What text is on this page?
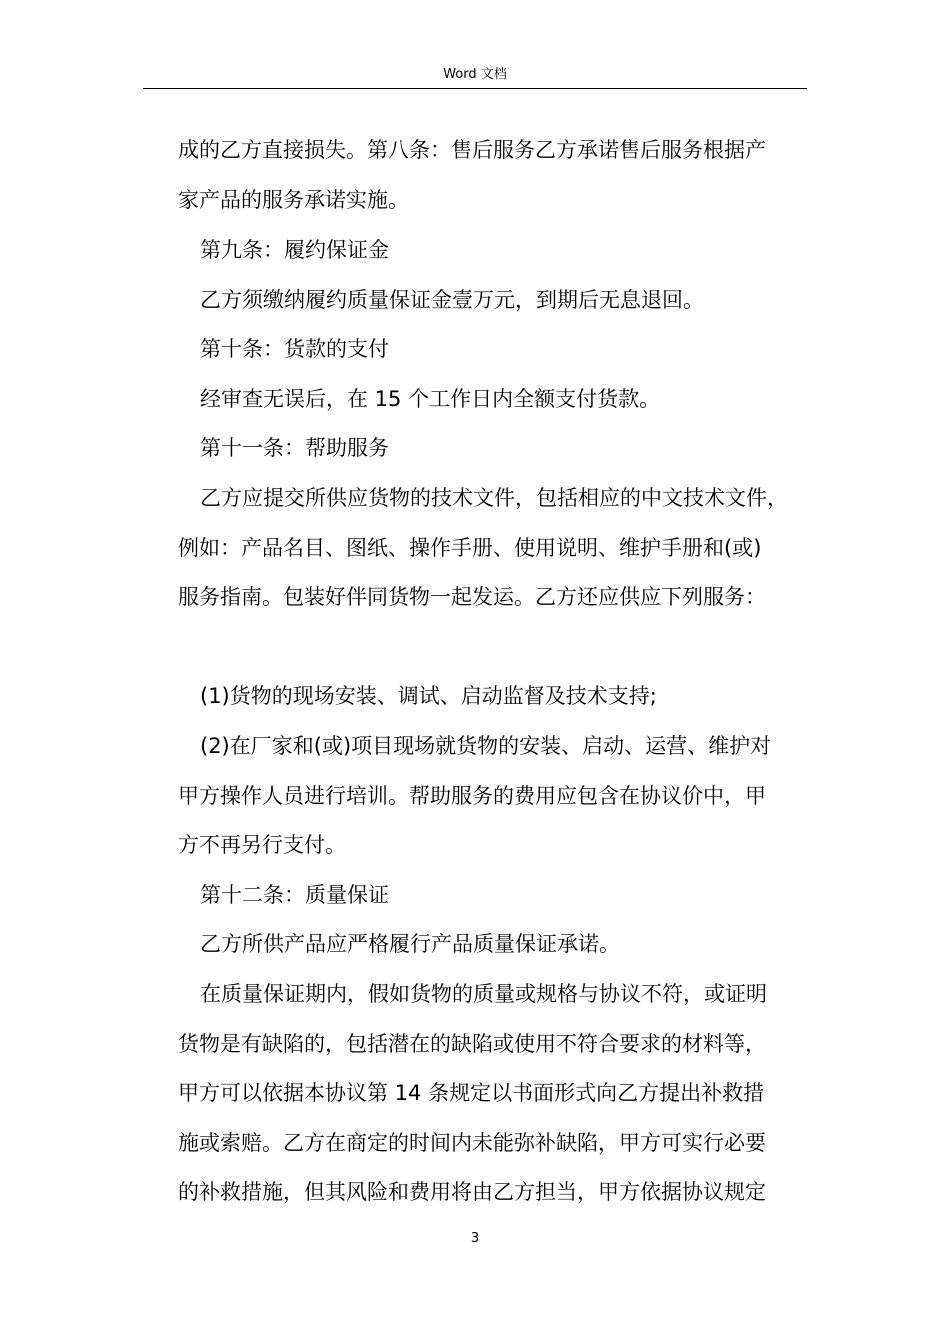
Word 文档
成的乙方直接损失。第八条：售后服务乙方承诺售后服务根据产
家产品的服务承诺实施。
第九条：履约保证金
乙方须缴纳履约质量保证金壹万元，到期后无息退回。
第十条：货款的支付
经审查无误后，在 15 个工作日内全额支付货款。
第十一条：帮助服务
乙方应提交所供应货物的技术文件，包括相应的中文技术文件，
例如：产品名目、图纸、操作手册、使用说明、维护手册和(或)
服务指南。包装好伴同货物一起发运。乙方还应供应下列服务：
(1)货物的现场安装、调试、启动监督及技术支持;
(2)在厂家和(或)项目现场就货物的安装、启动、运营、维护对
甲方操作人员进行培训。帮助服务的费用应包含在协议价中，甲
方不再另行支付。
第十二条：质量保证
乙方所供产品应严格履行产品质量保证承诺。
在质量保证期内，假如货物的质量或规格与协议不符，或证明
货物是有缺陷的，包括潜在的缺陷或使用不符合要求的材料等，
甲方可以依据本协议第 14 条规定以书面形式向乙方提出补救措
施或索赔。乙方在商定的时间内未能弥补缺陷，甲方可实行必要
的补救措施，但其风险和费用将由乙方担当，甲方依据协议规定
3
